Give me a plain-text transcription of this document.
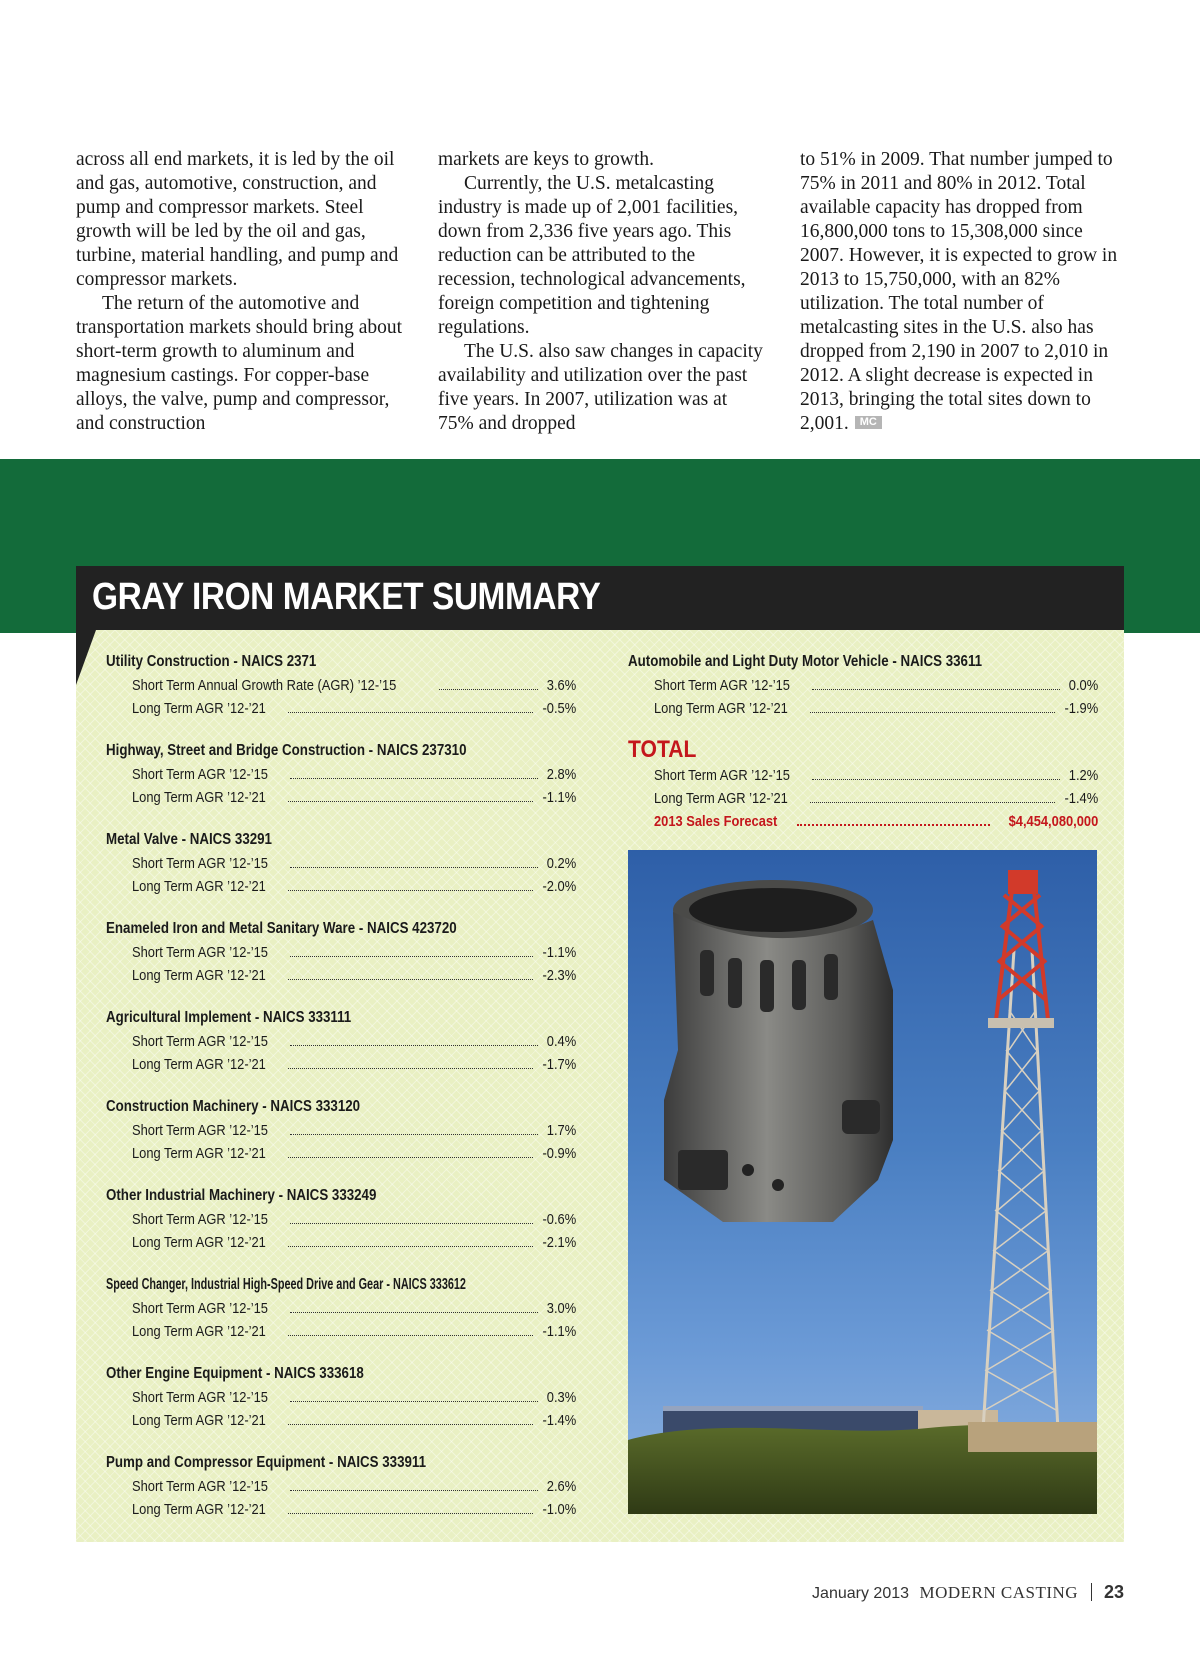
across all end markets, it is led by the oil and gas, automotive, construction, and pump and compressor markets. Steel growth will be led by the oil and gas, turbine, material handling, and pump and compressor markets.

The return of the automotive and transportation markets should bring about short-term growth to aluminum and magnesium castings. For copper-base alloys, the valve, pump and compressor, and construction

markets are keys to growth.

Currently, the U.S. metalcasting industry is made up of 2,001 facilities, down from 2,336 five years ago. This reduction can be attributed to the recession, technological advancements, foreign competition and tightening regulations.

The U.S. also saw changes in capacity availability and utilization over the past five years. In 2007, utilization was at 75% and dropped

to 51% in 2009. That number jumped to 75% in 2011 and 80% in 2012. Total available capacity has dropped from 16,800,000 tons to 15,308,000 since 2007. However, it is expected to grow in 2013 to 15,750,000, with an 82% utilization. The total number of metalcasting sites in the U.S. also has dropped from 2,190 in 2007 to 2,010 in 2012. A slight decrease is expected in 2013, bringing the total sites down to 2,001. MC

GRAY IRON MARKET SUMMARY
Utility Construction - NAICS 2371
Short Term Annual Growth Rate (AGR) ’12-’15	3.6%
Long Term AGR ’12-’21	-0.5%
Highway, Street and Bridge Construction - NAICS 237310
Short Term AGR ’12-’15	2.8%
Long Term AGR ’12-’21	-1.1%
Metal Valve - NAICS 33291
Short Term AGR ’12-’15	0.2%
Long Term AGR ’12-’21	-2.0%
Enameled Iron and Metal Sanitary Ware - NAICS 423720
Short Term AGR ’12-’15	-1.1%
Long Term AGR ’12-’21	-2.3%
Agricultural Implement - NAICS 333111
Short Term AGR ’12-’15	0.4%
Long Term AGR ’12-’21	-1.7%
Construction Machinery - NAICS 333120
Short Term AGR ’12-’15	1.7%
Long Term AGR ’12-’21	-0.9%
Other Industrial Machinery - NAICS 333249
Short Term AGR ’12-’15	-0.6%
Long Term AGR ’12-’21	-2.1%
Speed Changer, Industrial High-Speed Drive and Gear - NAICS 333612
Short Term AGR ’12-’15	3.0%
Long Term AGR ’12-’21	-1.1%
Other Engine Equipment - NAICS 333618
Short Term AGR ’12-’15	0.3%
Long Term AGR ’12-’21	-1.4%
Pump and Compressor Equipment - NAICS 333911
Short Term AGR ’12-’15	2.6%
Long Term AGR ’12-’21	-1.0%
Automobile and Light Duty Motor Vehicle - NAICS 33611
Short Term AGR ’12-’15	0.0%
Long Term AGR ’12-’21	-1.9%
TOTAL
Short Term AGR ’12-’15	1.2%
Long Term AGR ’12-’21	-1.4%
2013 Sales Forecast	$4,454,080,000
January 2013 MODERN CASTING 23
